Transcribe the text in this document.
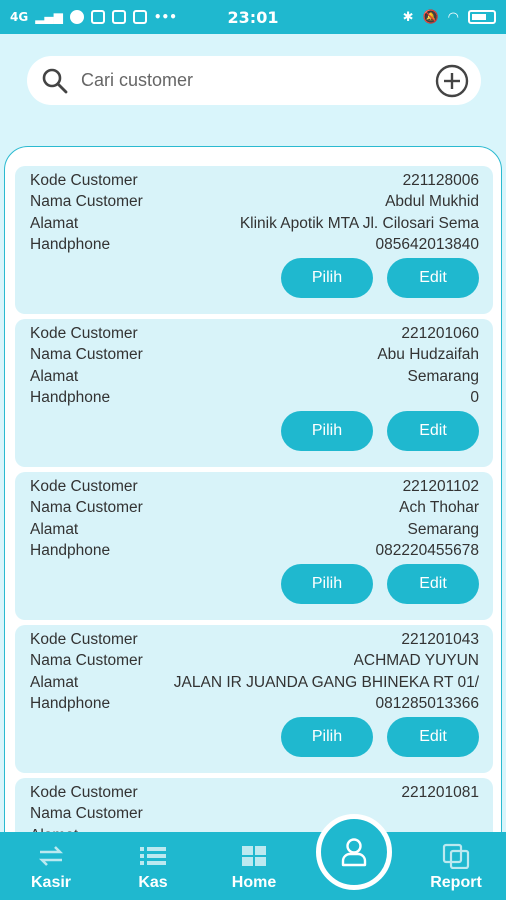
4G ▂▄▆	•••	23:01	✱ 🔕 ◠
Cari customer
Kode Customer	221128006
Nama Customer	Abdul Mukhid
Alamat	Klinik Apotik MTA Jl. Cilosari Sema
Handphone	085642013840
Pilih	Edit
Kode Customer	221201060
Nama Customer	Abu Hudzaifah
Alamat	Semarang
Handphone	0
Pilih	Edit
Kode Customer	221201102
Nama Customer	Ach Thohar
Alamat	Semarang
Handphone	082220455678
Pilih	Edit
Kode Customer	221201043
Nama Customer	ACHMAD YUYUN
Alamat	JALAN IR JUANDA GANG BHINEKA RT 01/
Handphone	081285013366
Pilih	Edit
Kode Customer	221201081
Nama Customer
Kasir	Kas	Home	Report
